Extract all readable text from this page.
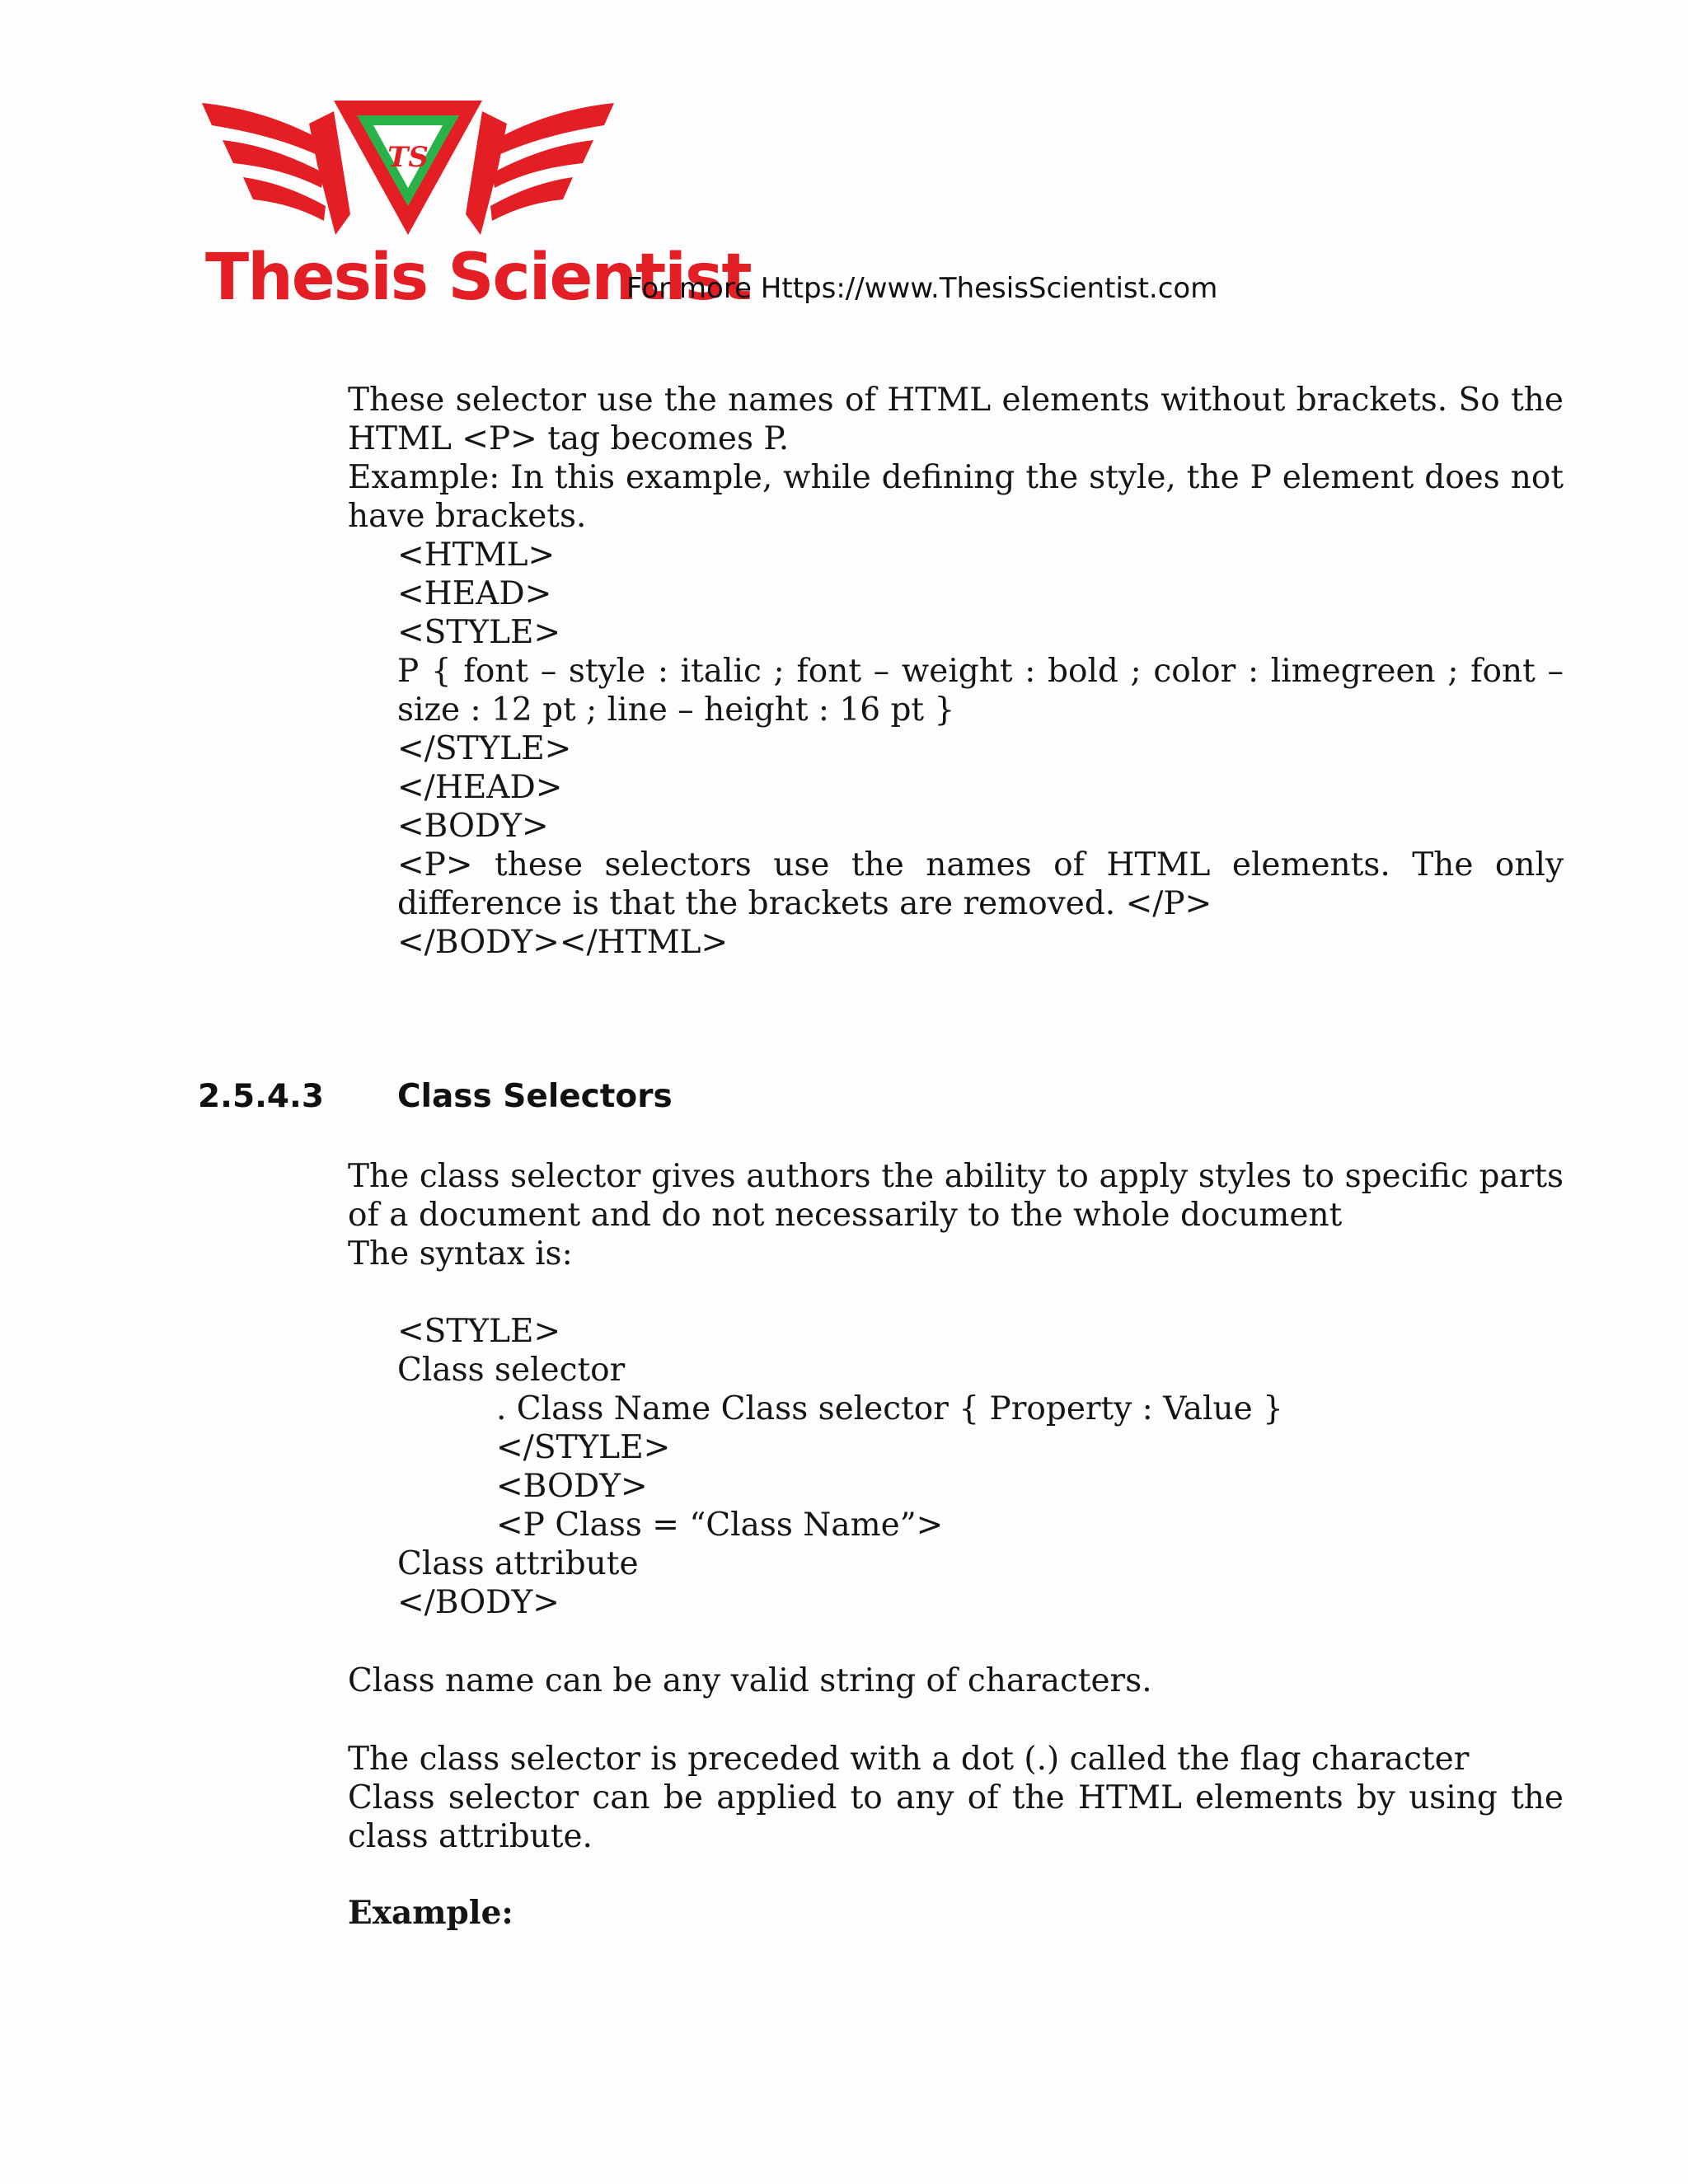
TS
Thesis Scientist
For more Https://www.ThesisScientist.com
These selector use the names of HTML elements without brackets. So the
HTML <P> tag becomes P.
Example: In this example, while defining the style, the P element does not
have brackets.
<HTML>
<HEAD>
<STYLE>
P { font – style : italic ; font – weight : bold ; color : limegreen ; font –
size : 12 pt ; line – height : 16 pt }
</STYLE>
</HEAD>
<BODY>
<P> these selectors use the names of HTML elements. The only
difference is that the brackets are removed. </P>
</BODY></HTML>
2.5.4.3 Class Selectors
The class selector gives authors the ability to apply styles to specific parts
of a document and do not necessarily to the whole document
The syntax is:
<STYLE>
Class selector
. Class Name Class selector { Property : Value }
</STYLE>
<BODY>
<P Class = “Class Name”>
Class attribute
</BODY>
Class name can be any valid string of characters.
The class selector is preceded with a dot (.) called the flag character
Class selector can be applied to any of the HTML elements by using the
class attribute.
Example:
